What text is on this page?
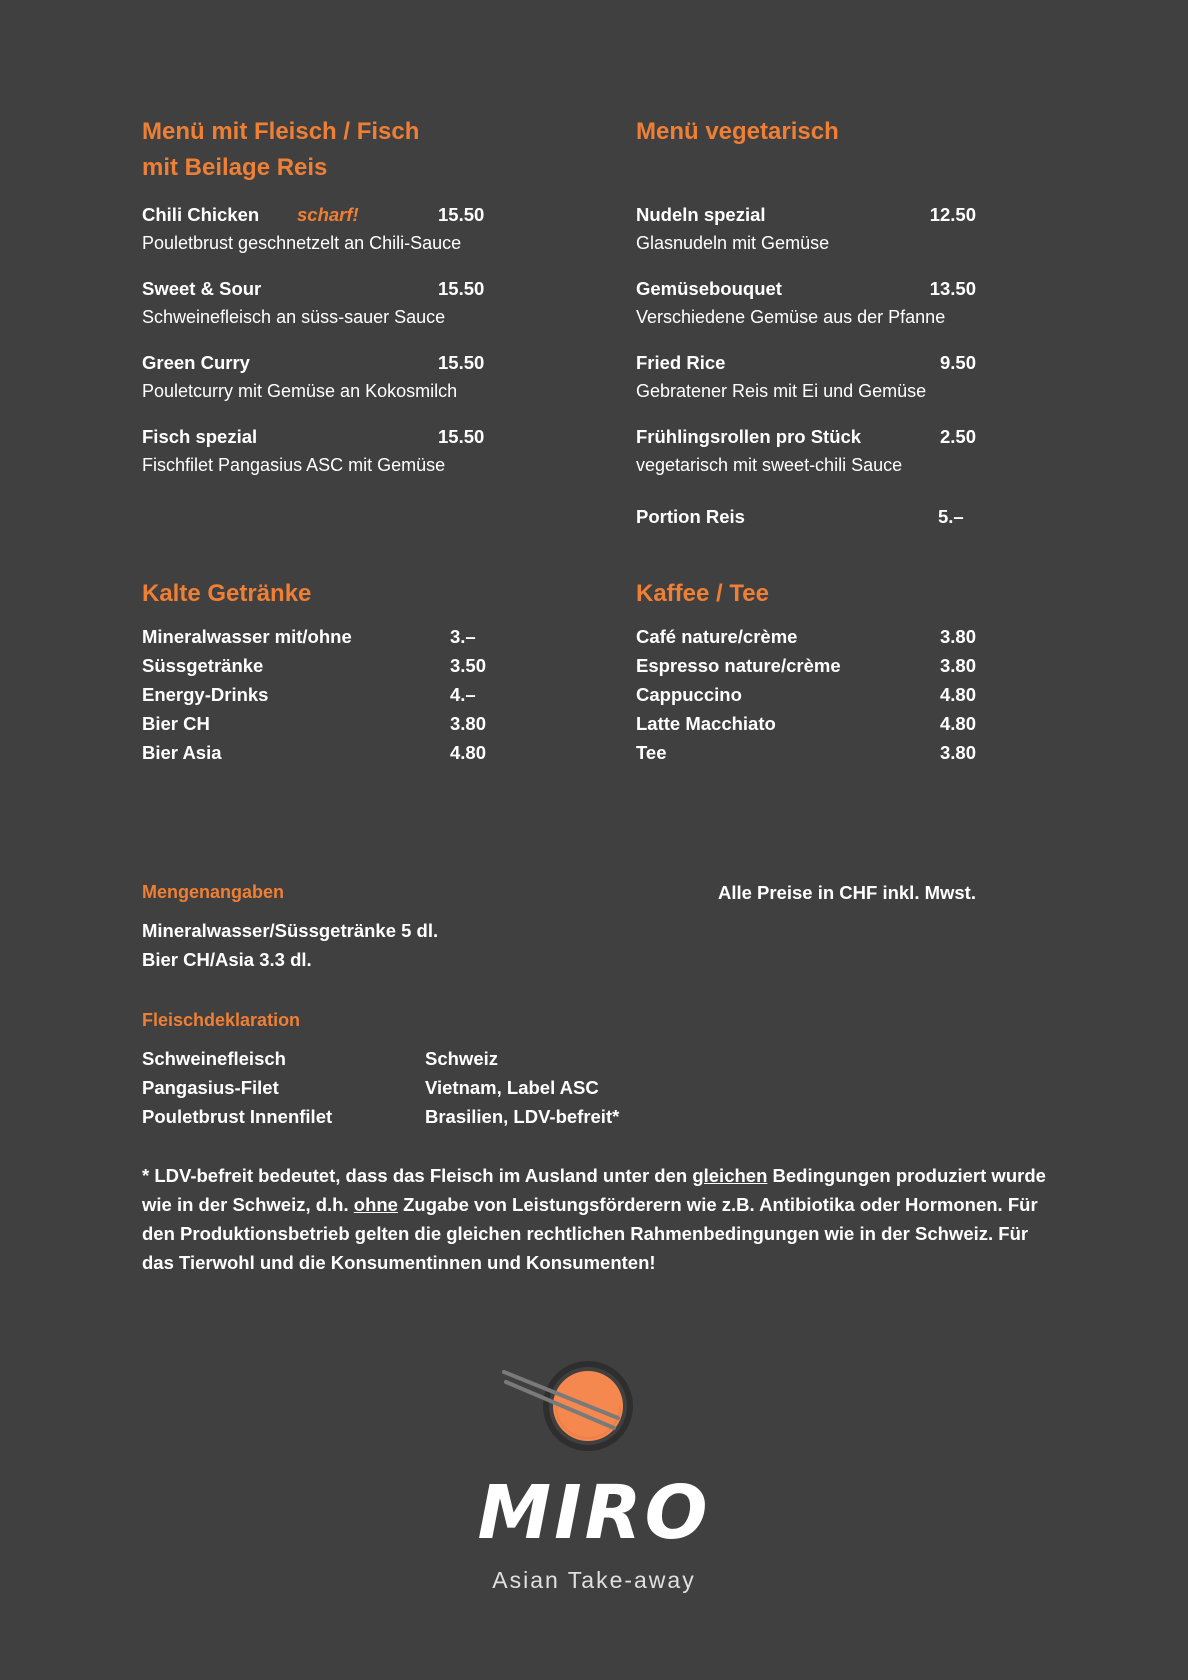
Menü mit Fleisch / Fisch
mit Beilage Reis
Chili Chicken scharf!	15.50
Pouletbrust geschnetzelt an Chili-Sauce
Sweet & Sour	15.50
Schweinefleisch an süss-sauer Sauce
Green Curry	15.50
Pouletcurry mit Gemüse an Kokosmilch
Fisch spezial	15.50
Fischfilet Pangasius ASC mit Gemüse
Menü vegetarisch
Nudeln spezial	12.50
Glasnudeln mit Gemüse
Gemüsebouquet	13.50
Verschiedene Gemüse aus der Pfanne
Fried Rice	9.50
Gebratener Reis mit Ei und Gemüse
Frühlingsrollen pro Stück	2.50
vegetarisch mit sweet-chili Sauce
Portion Reis	5.–
Kalte Getränke
Mineralwasser mit/ohne	3.–
Süssgetränke	3.50
Energy-Drinks	4.–
Bier CH	3.80
Bier Asia	4.80
Kaffee / Tee
Café nature/crème	3.80
Espresso nature/crème	3.80
Cappuccino	4.80
Latte Macchiato	4.80
Tee	3.80
Mengenangaben
Mineralwasser/Süssgetränke 5 dl.
Bier CH/Asia 3.3 dl.
Alle Preise in CHF inkl. Mwst.
Fleischdeklaration
Schweinefleisch	Schweiz
Pangasius-Filet	Vietnam, Label ASC
Pouletbrust Innenfilet	Brasilien, LDV-befreit*
* LDV-befreit bedeutet, dass das Fleisch im Ausland unter den gleichen Bedingungen produziert wurde wie in der Schweiz, d.h. ohne Zugabe von Leistungsförderern wie z.B. Antibiotika oder Hormonen. Für den Produktionsbetrieb gelten die gleichen rechtlichen Rahmenbedingungen wie in der Schweiz. Für das Tierwohl und die Konsumentinnen und Konsumenten!
MIRO
Asian Take-away
